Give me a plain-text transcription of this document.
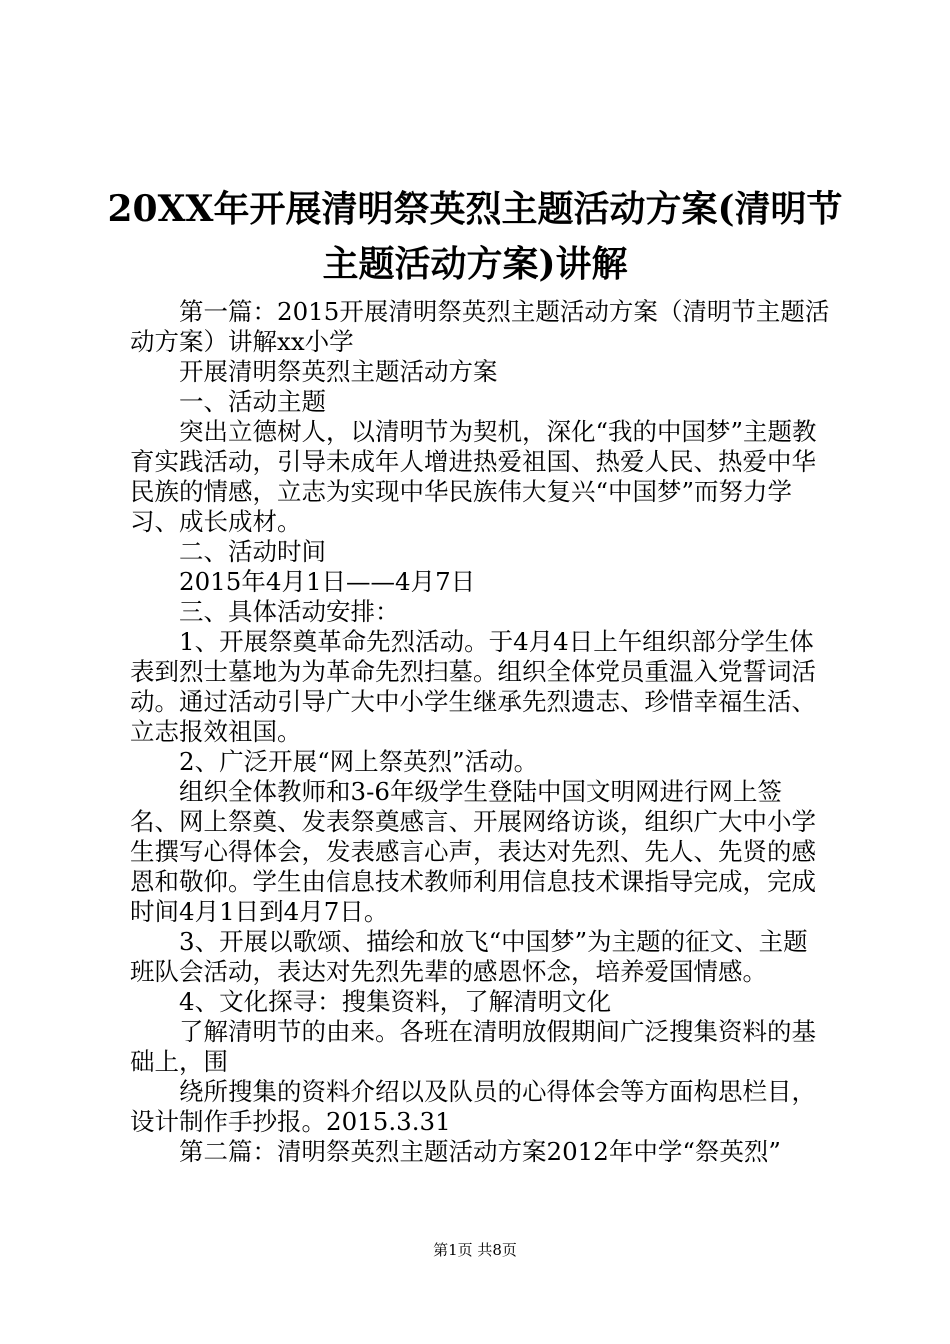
20XX年开展清明祭英烈主题活动方案(清明节
主题活动方案)讲解

第一篇：2015开展清明祭英烈主题活动方案（清明节主题活动方案）讲解xx小学

开展清明祭英烈主题活动方案

一、活动主题

突出立德树人，以清明节为契机，深化“我的中国梦”主题教育实践活动，引导未成年人增进热爱祖国、热爱人民、热爱中华民族的情感，立志为实现中华民族伟大复兴“中国梦”而努力学习、成长成材。

二、活动时间

2015年4月1日——4月7日

三、具体活动安排：

1、开展祭奠革命先烈活动。于4月4日上午组织部分学生体表到烈士墓地为为革命先烈扫墓。组织全体党员重温入党誓词活动。通过活动引导广大中小学生继承先烈遗志、珍惜幸福生活、立志报效祖国。

2、广泛开展“网上祭英烈”活动。

组织全体教师和3-6年级学生登陆中国文明网进行网上签名、网上祭奠、发表祭奠感言、开展网络访谈，组织广大中小学生撰写心得体会，发表感言心声，表达对先烈、先人、先贤的感恩和敬仰。学生由信息技术教师利用信息技术课指导完成，完成时间4月1日到4月7日。

3、开展以歌颂、描绘和放飞“中国梦”为主题的征文、主题班队会活动，表达对先烈先辈的感恩怀念，培养爱国情感。

4、文化探寻：搜集资料，了解清明文化

了解清明节的由来。各班在清明放假期间广泛搜集资料的基础上，围

绕所搜集的资料介绍以及队员的心得体会等方面构思栏目，设计制作手抄报。2015.3.31

第二篇：清明祭英烈主题活动方案2012年中学“祭英烈”

第1页 共8页
